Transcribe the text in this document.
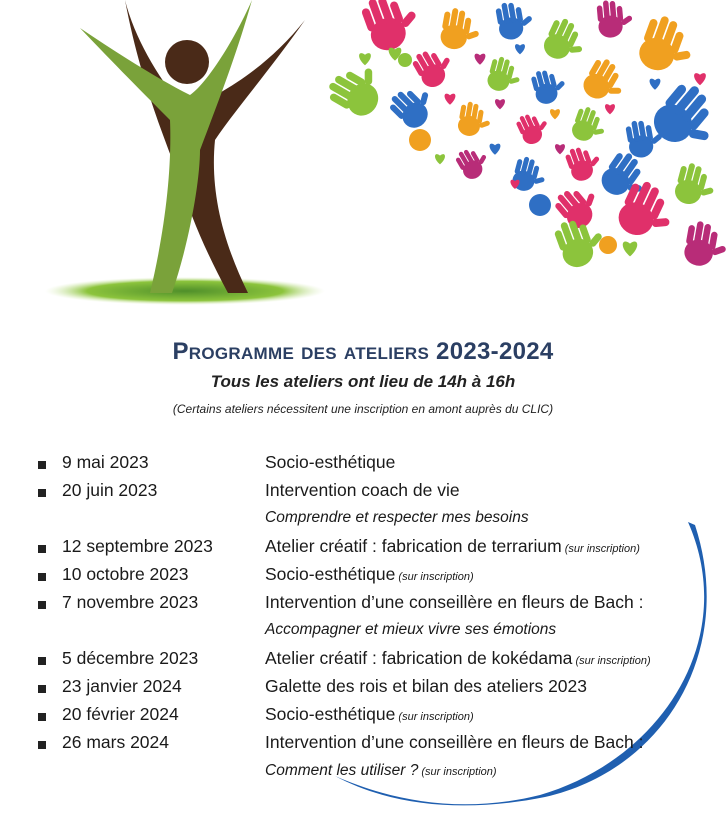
Programme des ateliers 2023-2024
Tous les ateliers ont lieu de 14h à 16h
(Certains ateliers nécessitent une inscription en amont auprès du CLIC)
9 mai 2023	Socio-esthétique
20 juin 2023	Intervention coach de vie
Comprendre et respecter mes besoins
12 septembre 2023	Atelier créatif : fabrication de terrarium (sur inscription)
10 octobre 2023	Socio-esthétique (sur inscription)
7 novembre 2023	Intervention d’une conseillère en fleurs de Bach :
Accompagner et mieux vivre ses émotions
5 décembre 2023	Atelier créatif : fabrication de kokédama (sur inscription)
23 janvier 2024	Galette des rois et bilan des ateliers 2023
20 février 2024	Socio-esthétique (sur inscription)
26 mars 2024	Intervention d’une conseillère en fleurs de Bach :
Comment les utiliser ? (sur inscription)
